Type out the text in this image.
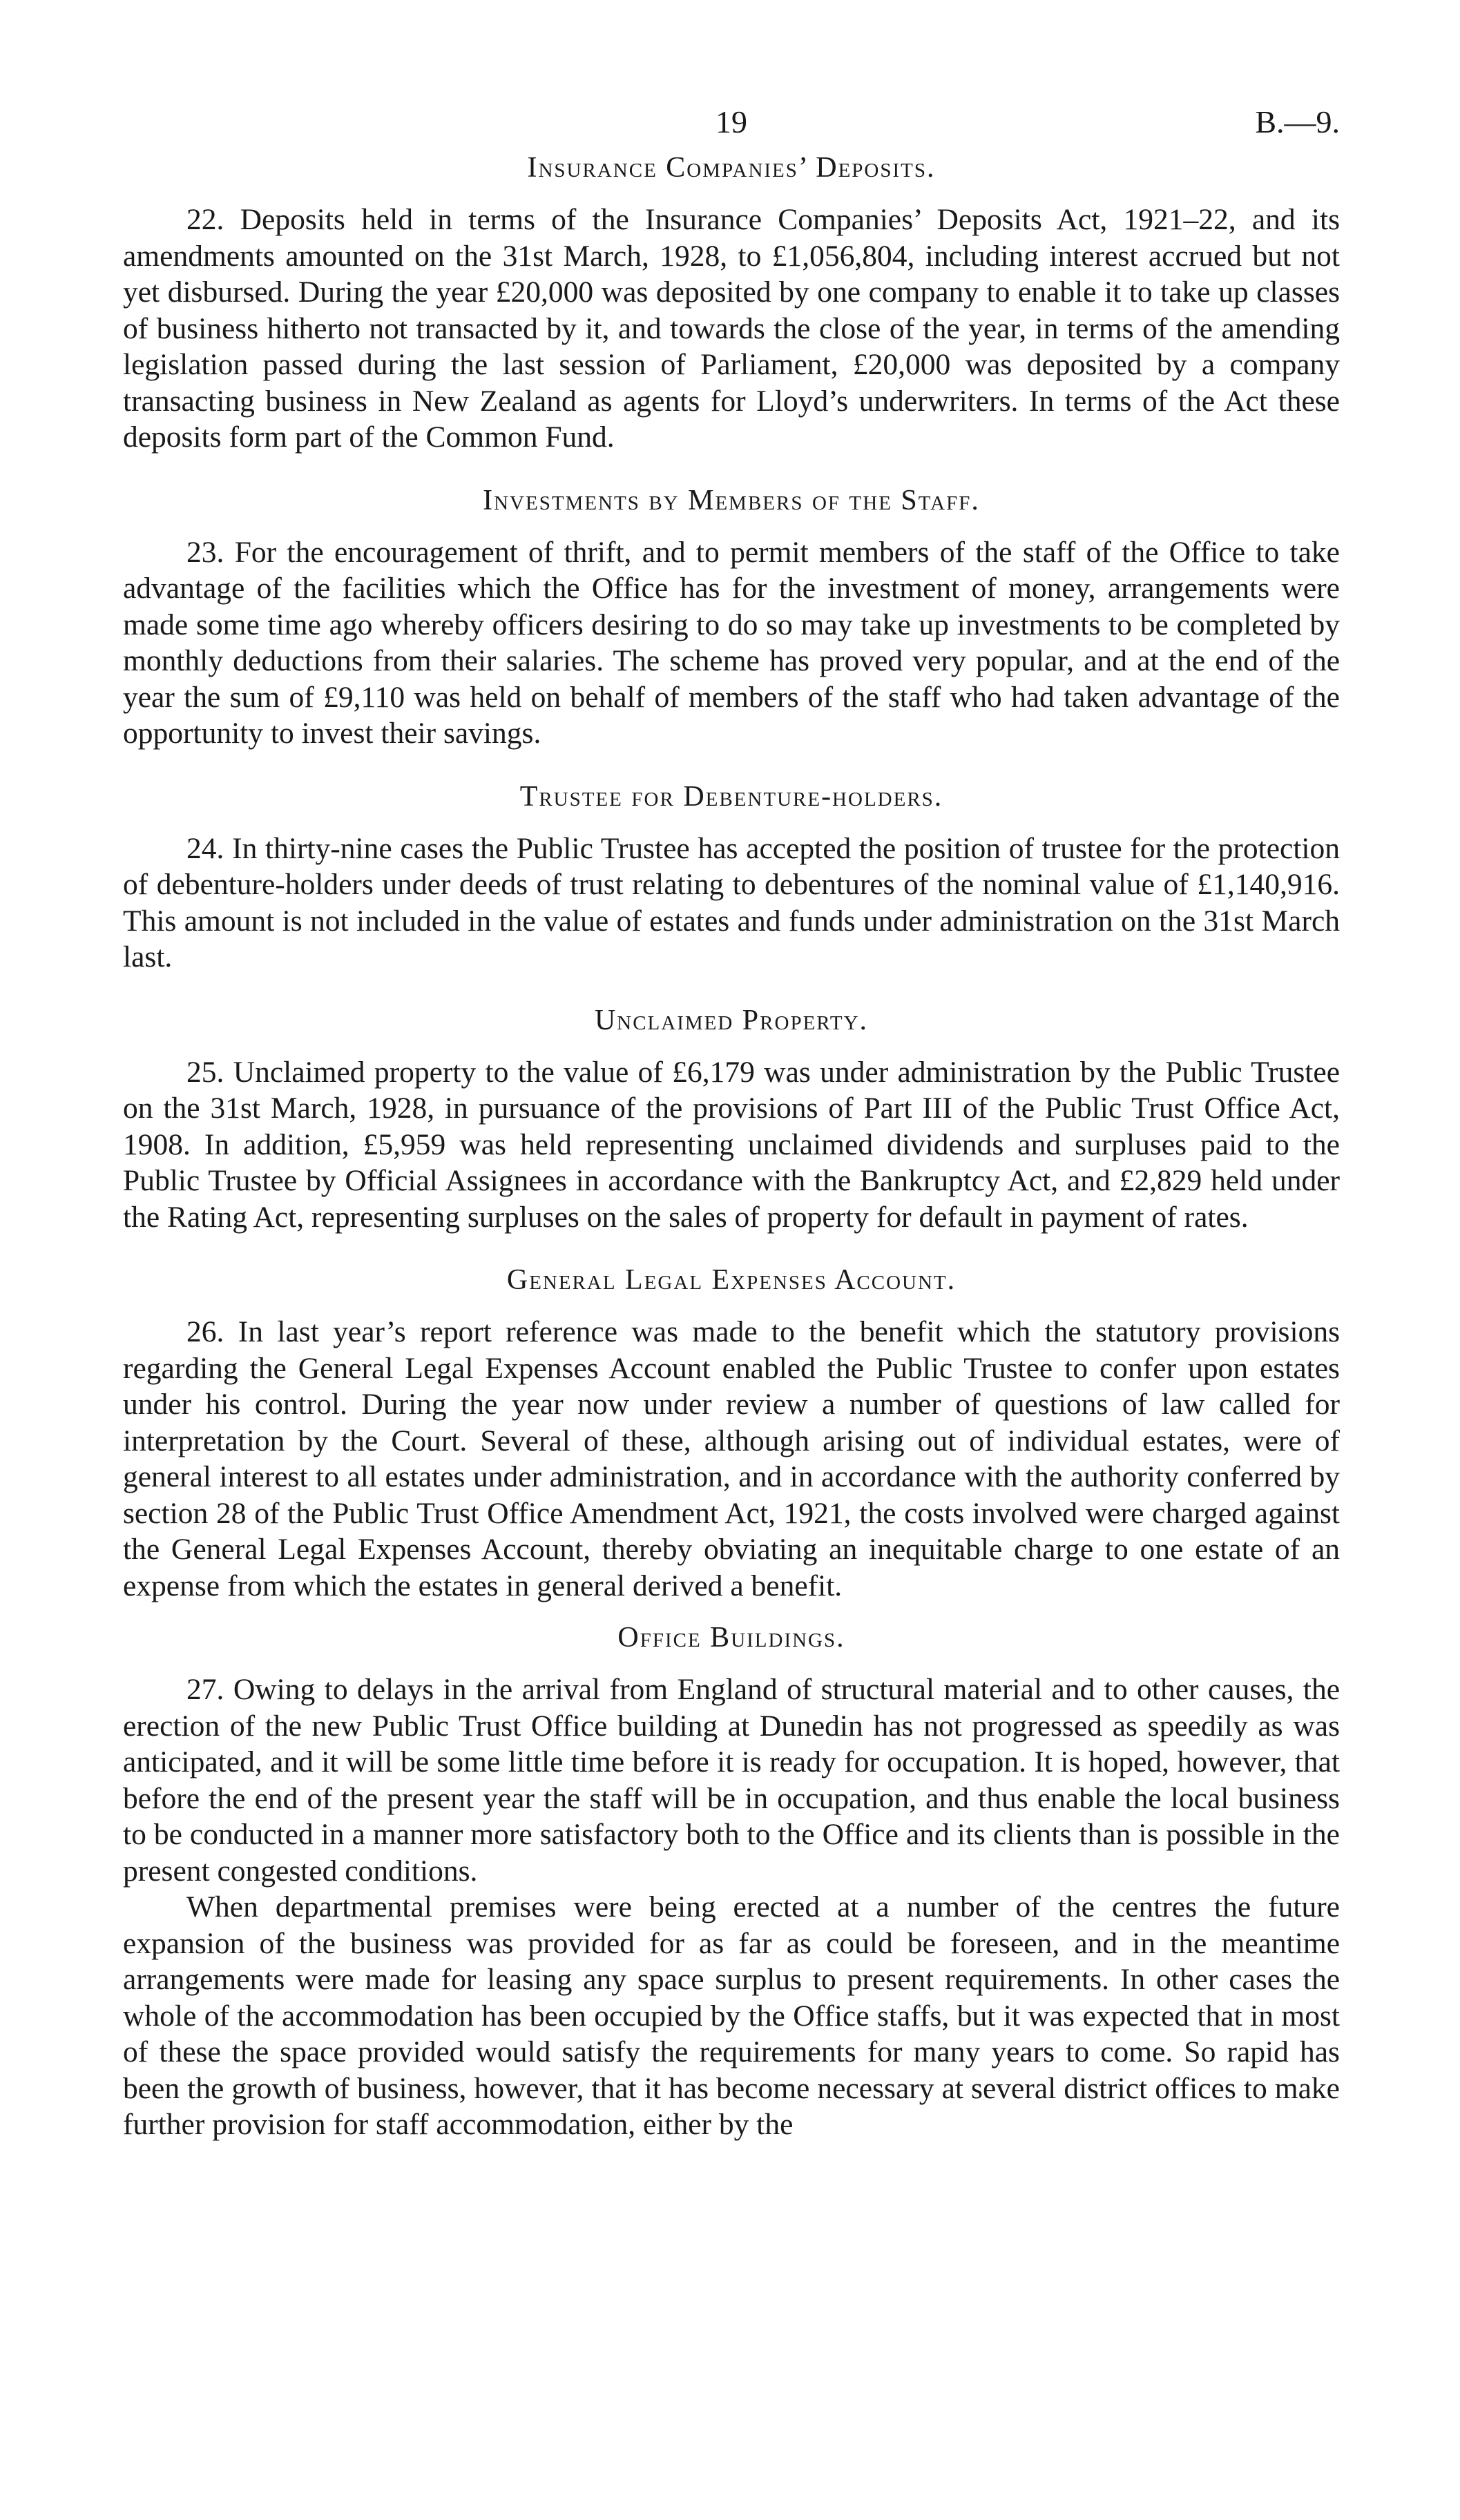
19	B.—9.
Insurance Companies’ Deposits.

22. Deposits held in terms of the Insurance Companies’ Deposits Act, 1921–22, and its amendments amounted on the 31st March, 1928, to £1,056,804, including interest accrued but not yet disbursed. During the year £20,000 was deposited by one company to enable it to take up classes of business hitherto not transacted by it, and towards the close of the year, in terms of the amending legislation passed during the last session of Parliament, £20,000 was deposited by a company transacting business in New Zealand as agents for Lloyd’s underwriters. In terms of the Act these deposits form part of the Common Fund.

Investments by Members of the Staff.

23. For the encouragement of thrift, and to permit members of the staff of the Office to take advantage of the facilities which the Office has for the investment of money, arrangements were made some time ago whereby officers desiring to do so may take up investments to be completed by monthly deductions from their salaries. The scheme has proved very popular, and at the end of the year the sum of £9,110 was held on behalf of members of the staff who had taken advantage of the opportunity to invest their savings.

Trustee for Debenture-holders.

24. In thirty-nine cases the Public Trustee has accepted the position of trustee for the protection of debenture-holders under deeds of trust relating to debentures of the nominal value of £1,140,916. This amount is not included in the value of estates and funds under administration on the 31st March last.

Unclaimed Property.

25. Unclaimed property to the value of £6,179 was under administration by the Public Trustee on the 31st March, 1928, in pursuance of the provisions of Part III of the Public Trust Office Act, 1908. In addition, £5,959 was held representing unclaimed dividends and surpluses paid to the Public Trustee by Official Assignees in accordance with the Bankruptcy Act, and £2,829 held under the Rating Act, representing surpluses on the sales of property for default in payment of rates.

General Legal Expenses Account.

26. In last year’s report reference was made to the benefit which the statutory provisions regarding the General Legal Expenses Account enabled the Public Trustee to confer upon estates under his control. During the year now under review a number of questions of law called for interpretation by the Court. Several of these, although arising out of individual estates, were of general interest to all estates under administration, and in accordance with the authority conferred by section 28 of the Public Trust Office Amendment Act, 1921, the costs involved were charged against the General Legal Expenses Account, thereby obviating an inequitable charge to one estate of an expense from which the estates in general derived a benefit.

Office Buildings.

27. Owing to delays in the arrival from England of structural material and to other causes, the erection of the new Public Trust Office building at Dunedin has not progressed as speedily as was anticipated, and it will be some little time before it is ready for occupation. It is hoped, however, that before the end of the present year the staff will be in occupation, and thus enable the local business to be conducted in a manner more satisfactory both to the Office and its clients than is possible in the present congested conditions.

When departmental premises were being erected at a number of the centres the future expansion of the business was provided for as far as could be foreseen, and in the meantime arrangements were made for leasing any space surplus to present requirements. In other cases the whole of the accommodation has been occupied by the Office staffs, but it was expected that in most of these the space provided would satisfy the requirements for many years to come. So rapid has been the growth of business, however, that it has become necessary at several district offices to make further provision for staff accommodation, either by the
